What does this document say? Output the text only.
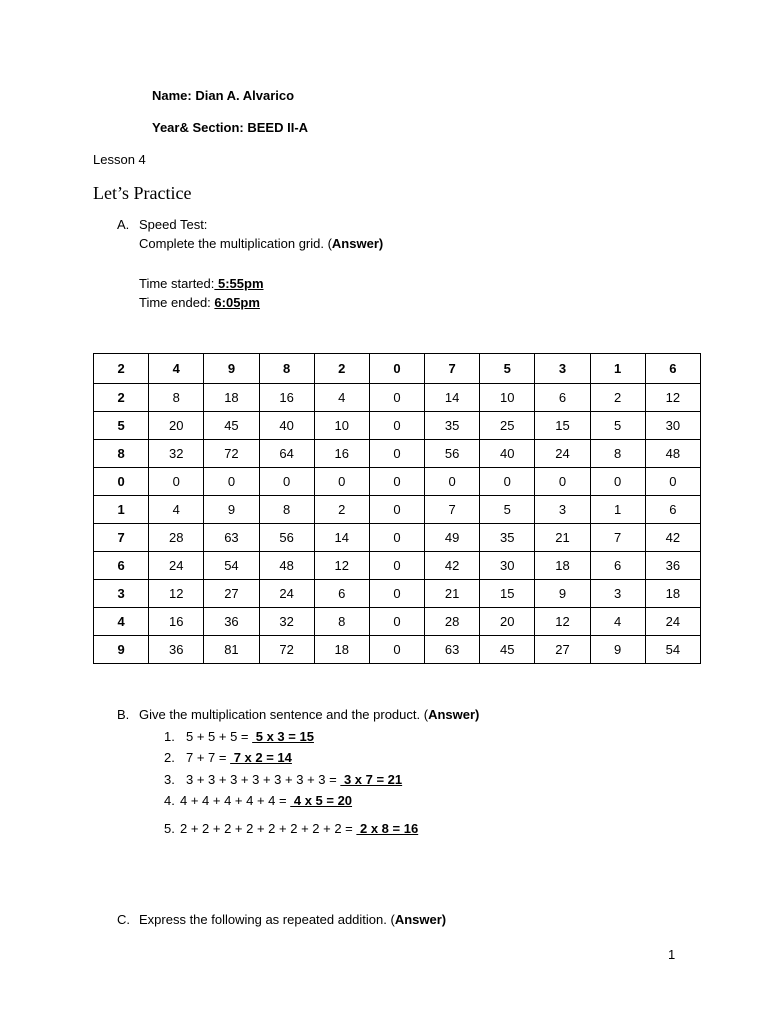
Name: Dian A. Alvarico
Year& Section: BEED II-A
Lesson 4
Let’s Practice
A. Speed Test:
Complete the multiplication grid. (Answer)
Time started: 5:55pm
Time ended: 6:05pm
2	4	9	8	2	0	7	5	3	1	6
2	8	18	16	4	0	14	10	6	2	12
5	20	45	40	10	0	35	25	15	5	30
8	32	72	64	16	0	56	40	24	8	48
0	0	0	0	0	0	0	0	0	0	0
1	4	9	8	2	0	7	5	3	1	6
7	28	63	56	14	0	49	35	21	7	42
6	24	54	48	12	0	42	30	18	6	36
3	12	27	24	6	0	21	15	9	3	18
4	16	36	32	8	0	28	20	12	4	24
9	36	81	72	18	0	63	45	27	9	54
B. Give the multiplication sentence and the product. (Answer)
1. 5 + 5 + 5 =  5 x 3 = 15
2. 7 + 7 =  7 x 2 = 14
3. 3 + 3 + 3 + 3 + 3 + 3 + 3 =  3 x 7 = 21
4. 4 + 4 + 4 + 4 + 4 =  4 x 5 = 20
5. 2 + 2 + 2 + 2 + 2 + 2 + 2 + 2 =  2 x 8 = 16
C. Express the following as repeated addition. (Answer)
1
